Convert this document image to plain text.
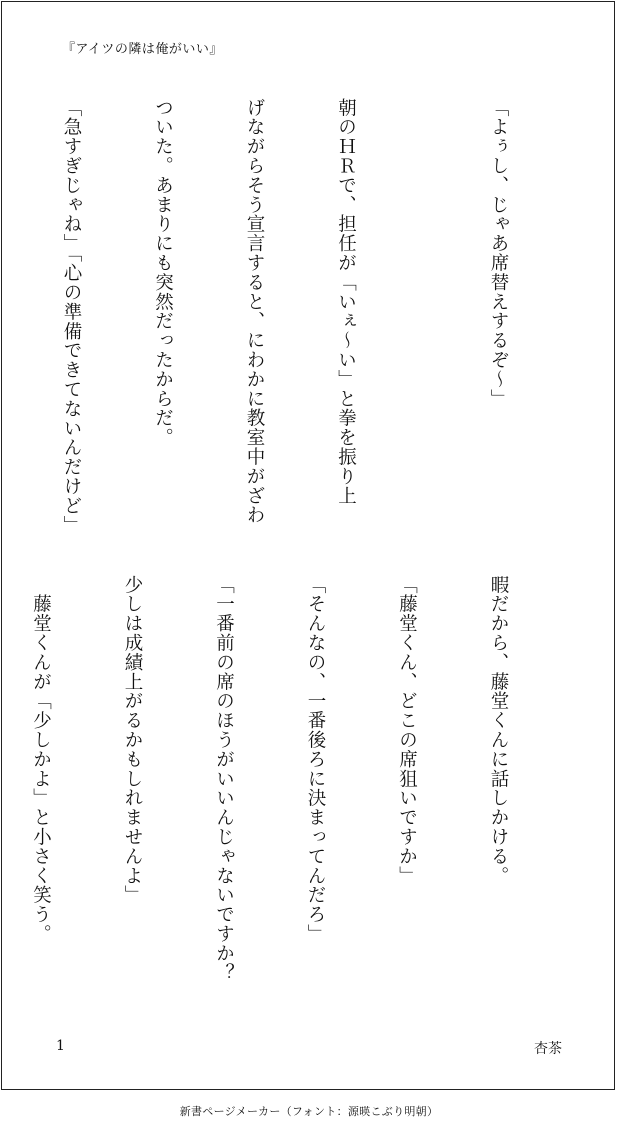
『アイツの隣は俺がいい』

「よぅし、じゃあ席替えするぞ〜」

朝のＨＲで、担任が「いぇ〜い」と拳を振り上

げながらそう宣言すると、にわかに教室中がざわ

ついた。あまりにも突然だったからだ。

「急すぎじゃね」「心の準備できてないんだけど」

暇だから、藤堂くんに話しかける。

「藤堂くん、どこの席狙いですか」

「そんなの、一番後ろに決まってんだろ」

「一番前の席のほうがいいんじゃないですか？

少しは成績上がるかもしれませんよ」

　藤堂くんが「少しかよ」と小さく笑う。

1	杏茶
新書ページメーカー（フォント：源暎こぶり明朝）
